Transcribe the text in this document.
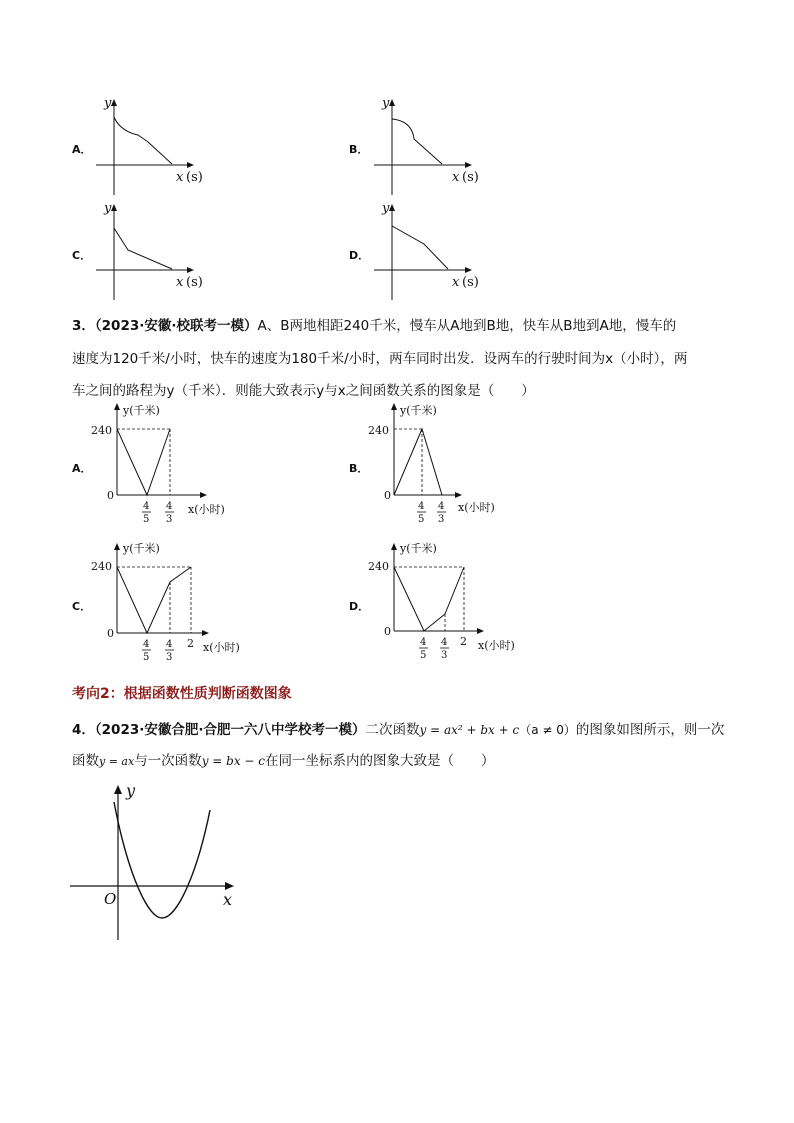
A．
y
x (s)
B．
y
x (s)
C．
y
x (s)
D．
y
x (s)
3．（2023·安徽·校联考一模）A、B两地相距240千米，慢车从A地到B地，快车从B地到A地，慢车的
速度为120千米/小时，快车的速度为180千米/小时，两车同时出发．设两车的行驶时间为x（小时），两
车之间的路程为y（千米）．则能大致表示y与x之间函数关系的图象是（　　）
A．
240
0
4
5
4
3
x(小时)
B．
y(千米)
240
0
4
5
4
3
x(小时)
y(千米)
C．
y(千米)
240
0
4
5
4
3
2 x(小时)
D．
y(千米)
240
0
4
5
4
3
2 x(小时)
考向2：根据函数性质判断函数图象
4．（2023·安徽合肥·合肥一六八中学校考一模）二次函数y = ax² + bx + c（a ≠ 0）的图象如图所示，则一次
函数y = ax与一次函数y = bx − c在同一坐标系内的图象大致是（　　）
y
x
O
